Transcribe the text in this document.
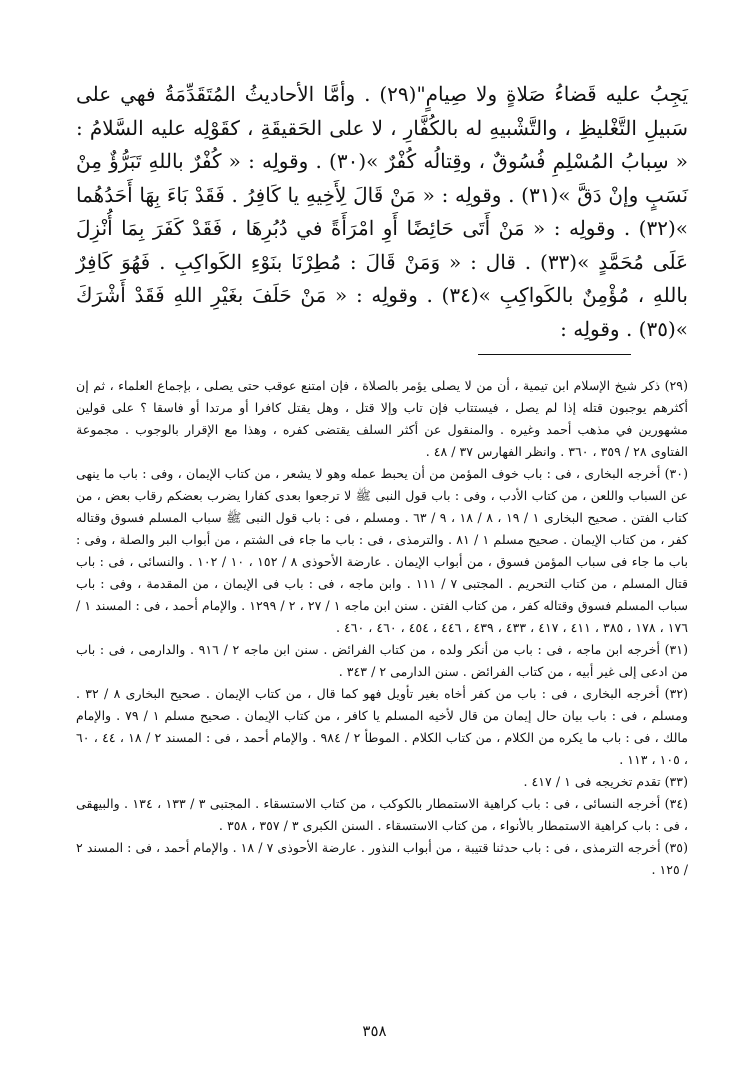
يَجِبُ عليه قَضاءُ صَلاةٍ ولا صِيامٍ"(٢٩) . وأمَّا الأحاديثُ المُتَقَدِّمَةُ فهي على سَبيلِ التَّغْليظِ ، والتَّشْبيهِ له بالكُفَّارِ ، لا على الحَقيقَةِ ، كقَوْلِه عليه السَّلامُ : « سِبابُ المُسْلِمِ فُسُوقٌ ، وقِتالُه كُفْرٌ »(٣٠) . وقولِه : « كُفْرٌ باللهِ تَبَرُّؤٌ مِنْ نَسَبٍ وإنْ دَقَّ »(٣١) . وقولِه : « مَنْ قَالَ لِأَخِيهِ يا كَافِرُ . فَقَدْ بَاءَ بِهَا أَحَدُهُما »(٣٢) . وقولِه : « مَنْ أَتَى حَائِضًا أَوِ امْرَأَةً في دُبُرِهَا ، فَقَدْ كَفَرَ بِمَا أُنْزِلَ عَلَى مُحَمَّدٍ »(٣٣) . قال : « وَمَنْ قَالَ : مُطِرْنَا بنَوْءِ الكَواكِبِ . فَهُوَ كَافِرٌ باللهِ ، مُؤْمِنٌ بالكَواكِبِ »(٣٤) . وقولِه : « مَنْ حَلَفَ بغَيْرِ اللهِ فَقَدْ أَشْرَكَ »(٣٥) . وقولِه :

(٢٩) ذكر شيخ الإسلام ابن تيمية ، أن من لا يصلى يؤمر بالصلاة ، فإن امتنع عوقب حتى يصلى ، بإجماع العلماء ، ثم إن أكثرهم يوجبون قتله إذا لم يصل ، فيستتاب فإن تاب وإلا قتل ، وهل يقتل كافرا أو مرتدا أو فاسقا ؟ على قولين مشهورين في مذهب أحمد وغيره . والمنقول عن أكثر السلف يقتضى كفره ، وهذا مع الإقرار بالوجوب . مجموعة الفتاوى ٢٨ / ٣٥٩ ، ٣٦٠ . وانظر الفهارس ٣٧ / ٤٨ .

(٣٠) أخرجه البخارى ، فى : باب خوف المؤمن من أن يحبط عمله وهو لا يشعر ، من كتاب الإيمان ، وفى : باب ما ينهى عن السباب واللعن ، من كتاب الأدب ، وفى : باب قول النبى ﷺ لا ترجعوا بعدى كفارا يضرب بعضكم رقاب بعض ، من كتاب الفتن . صحيح البخارى ١ / ١٩ ، ٨ / ١٨ ، ٩ / ٦٣ . ومسلم ، فى : باب قول النبى ﷺ سباب المسلم فسوق وقتاله كفر ، من كتاب الإيمان . صحيح مسلم ١ / ٨١ . والترمذى ، فى : باب ما جاء فى الشتم ، من أبواب البر والصلة ، وفى : باب ما جاء فى سباب المؤمن فسوق ، من أبواب الإيمان . عارضة الأحوذى ٨ / ١٥٢ ، ١٠ / ١٠٢ . والنسائى ، فى : باب قتال المسلم ، من كتاب التحريم . المجتبى ٧ / ١١١ . وابن ماجه ، فى : باب فى الإيمان ، من المقدمة ، وفى : باب سباب المسلم فسوق وقتاله كفر ، من كتاب الفتن . سنن ابن ماجه ١ / ٢٧ ، ٢ / ١٢٩٩ . والإمام أحمد ، فى : المسند ١ / ١٧٦ ، ١٧٨ ، ٣٨٥ ، ٤١١ ، ٤١٧ ، ٤٣٣ ، ٤٣٩ ، ٤٤٦ ، ٤٥٤ ، ٤٦٠ ، ٤٦٠ .

(٣١) أخرجه ابن ماجه ، فى : باب من أنكر ولده ، من كتاب الفرائض . سنن ابن ماجه ٢ / ٩١٦ . والدارمى ، فى : باب من ادعى إلى غير أبيه ، من كتاب الفرائض . سنن الدارمى ٢ / ٣٤٣ .

(٣٢) أخرجه البخارى ، فى : باب من كفر أخاه بغير تأويل فهو كما قال ، من كتاب الإيمان . صحيح البخارى ٨ / ٣٢ . ومسلم ، فى : باب بيان حال إيمان من قال لأخيه المسلم يا كافر ، من كتاب الإيمان . صحيح مسلم ١ / ٧٩ . والإمام مالك ، فى : باب ما يكره من الكلام ، من كتاب الكلام . الموطأ ٢ / ٩٨٤ . والإمام أحمد ، فى : المسند ٢ / ١٨ ، ٤٤ ، ٦٠ ، ١٠٥ ، ١١٣ .

(٣٣) تقدم تخريجه فى ١ / ٤١٧ .

(٣٤) أخرجه النسائى ، فى : باب كراهية الاستمطار بالكوكب ، من كتاب الاستسقاء . المجتبى ٣ / ١٣٣ ، ١٣٤ . والبيهقى ، فى : باب كراهية الاستمطار بالأنواء ، من كتاب الاستسقاء . السنن الكبرى ٣ / ٣٥٧ ، ٣٥٨ .

(٣٥) أخرجه الترمذى ، فى : باب حدثنا قتيبة ، من أبواب النذور . عارضة الأحوذى ٧ / ١٨ . والإمام أحمد ، فى : المسند ٢ / ١٢٥ .

٣٥٨
